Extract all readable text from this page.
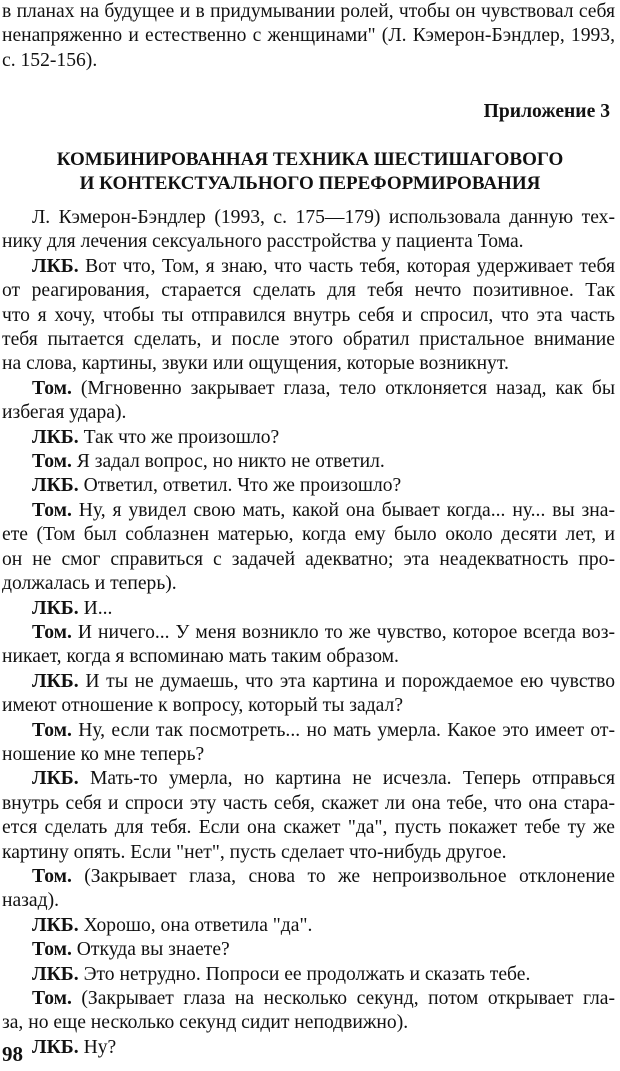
в планах на будущее и в придумывании ролей, чтобы он чувствовал себя
ненапряженно и естественно с женщинами" (Л. Кэмерон-Бэндлер, 1993,
с. 152-156).
Приложение 3
КОМБИНИРОВАННАЯ ТЕХНИКА ШЕСТИШАГОВОГО
И КОНТЕКСТУАЛЬНОГО ПЕРЕФОРМИРОВАНИЯ
Л. Кэмерон-Бэндлер (1993, с. 175—179) использовала данную тех-
нику для лечения сексуального расстройства у пациента Тома.
ЛКБ. Вот что, Том, я знаю, что часть тебя, которая удерживает тебя
от реагирования, старается сделать для тебя нечто позитивное. Так
что я хочу, чтобы ты отправился внутрь себя и спросил, что эта часть
тебя пытается сделать, и после этого обратил пристальное внимание
на слова, картины, звуки или ощущения, которые возникнут.
Том. (Мгновенно закрывает глаза, тело отклоняется назад, как бы
избегая удара).
ЛКБ. Так что же произошло?
Том. Я задал вопрос, но никто не ответил.
ЛКБ. Ответил, ответил. Что же произошло?
Том. Ну, я увидел свою мать, какой она бывает когда... ну... вы зна-
ете (Том был соблазнен матерью, когда ему было около десяти лет, и
он не смог справиться с задачей адекватно; эта неадекватность про-
должалась и теперь).
ЛКБ. И...
Том. И ничего... У меня возникло то же чувство, которое всегда воз-
никает, когда я вспоминаю мать таким образом.
ЛКБ. И ты не думаешь, что эта картина и порождаемое ею чувство
имеют отношение к вопросу, который ты задал?
Том. Ну, если так посмотреть... но мать умерла. Какое это имеет от-
ношение ко мне теперь?
ЛКБ. Мать-то умерла, но картина не исчезла. Теперь отправься
внутрь себя и спроси эту часть себя, скажет ли она тебе, что она стара-
ется сделать для тебя. Если она скажет "да", пусть покажет тебе ту же
картину опять. Если "нет", пусть сделает что-нибудь другое.
Том. (Закрывает глаза, снова то же непроизвольное отклонение
назад).
ЛКБ. Хорошо, она ответила "да".
Том. Откуда вы знаете?
ЛКБ. Это нетрудно. Попроси ее продолжать и сказать тебе.
Том. (Закрывает глаза на несколько секунд, потом открывает гла-
за, но еще несколько секунд сидит неподвижно).
ЛКБ. Ну?
98
